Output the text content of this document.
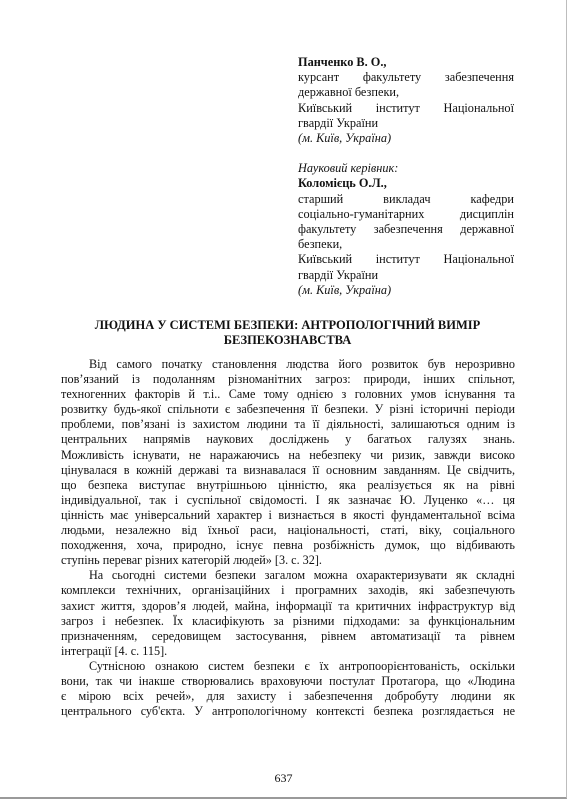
Панченко В. О.,
курсант факультету забезпечення
державної безпеки,
Київський інститут Національної
гвардії України
(м. Київ, Україна)
Науковий керівник:
Коломієць О.Л.,
старший викладач кафедри
соціально-гуманітарних дисциплін
факультету забезпечення державної
безпеки,
Київський інститут Національної
гвардії України
(м. Київ, Україна)
ЛЮДИНА У СИСТЕМІ БЕЗПЕКИ: АНТРОПОЛОГІЧНИЙ ВИМІР
БЕЗПЕКОЗНАВСТВА
Від самого початку становлення людства його розвиток був нерозривно
пов’язаний із подоланням різноманітних загроз: природи, інших спільнот,
техногенних факторів й т.і.. Саме тому однією з головних умов існування та
розвитку будь-якої спільноти є забезпечення її безпеки. У різні історичні періоди
проблеми, пов’язані із захистом людини та її діяльності, залишаються одним із
центральних напрямів наукових досліджень у багатьох галузях знань.
Можливість існувати, не наражаючись на небезпеку чи ризик, завжди високо
цінувалася в кожній державі та визнавалася її основним завданням. Це свідчить,
що безпека виступає внутрішньою цінністю, яка реалізується як на рівні
індивідуальної, так і суспільної свідомості. І як зазначає Ю. Луценко «… ця
цінність має універсальний характер і визнається в якості фундаментальної всіма
людьми, незалежно від їхньої раси, національності, статі, віку, соціального
походження, хоча, природно, існує певна розбіжність думок, що відбивають
ступінь переваг різних категорій людей» [3. с. 32].
На сьогодні системи безпеки загалом можна охарактеризувати як складні
комплекси технічних, організаційних і програмних заходів, які забезпечують
захист життя, здоров’я людей, майна, інформації та критичних інфраструктур від
загроз і небезпек. Їх класифікують за різними підходами: за функціональним
призначенням, середовищем застосування, рівнем автоматизації та рівнем
інтеграції [4. с. 115].
Сутнісною ознакою систем безпеки є їх антропоорієнтованість, оскільки
вони, так чи інакше створювались враховуючи постулат Протагора, що «Людина
є мірою всіх речей», для захисту і забезпечення добробуту людини як
центрального суб'єкта. У антропологічному контексті безпека розглядається не
637
